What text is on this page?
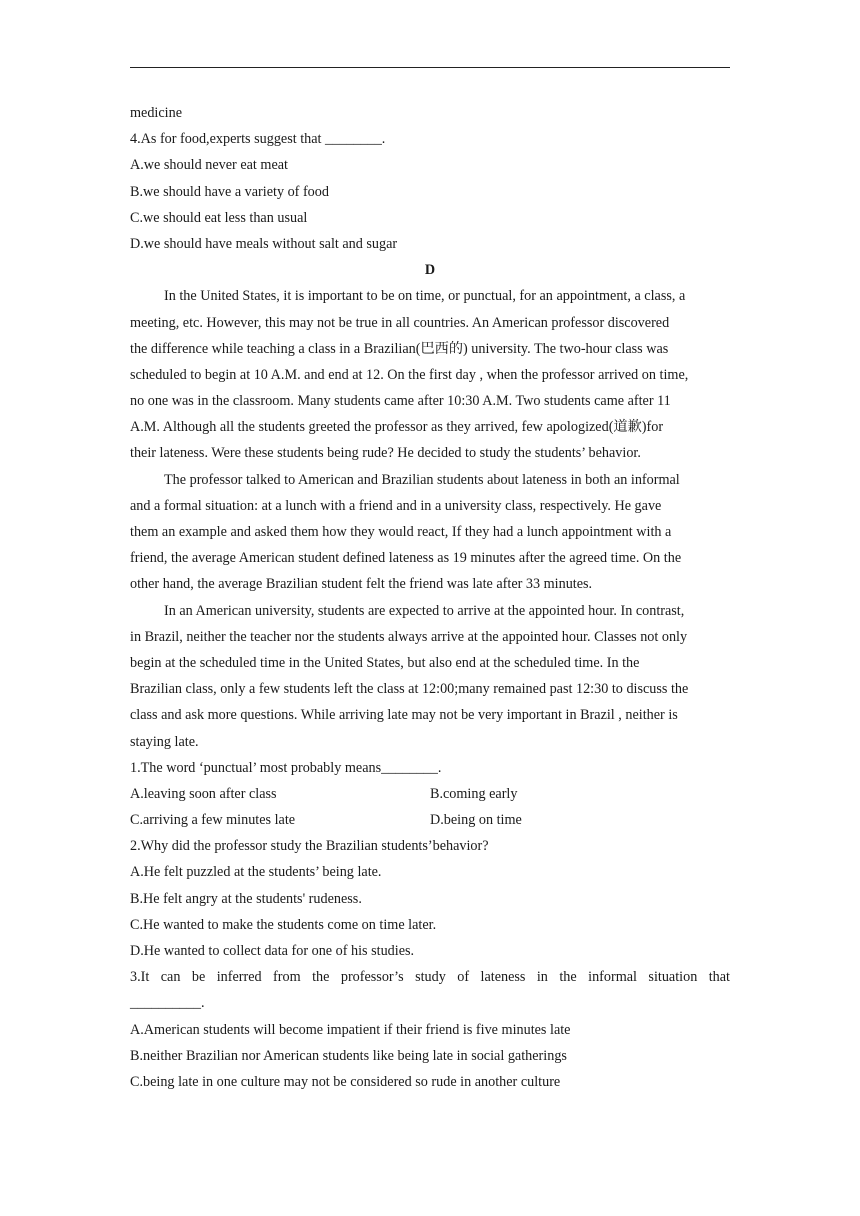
medicine
4.As for food,experts suggest that ________.
A.we should never eat meat
B.we should have a variety of food
C.we should eat less than usual
D.we should have meals without salt and sugar
D
In the United States, it is important to be on time, or punctual, for an appointment, a class, a
meeting, etc. However, this may not be true in all countries. An American professor discovered
the difference while teaching a class in a Brazilian(巴西的) university. The two-hour class was
scheduled to begin at 10 A.M. and end at 12. On the first day , when the professor arrived on time,
no one was in the classroom. Many students came after 10:30 A.M. Two students came after 11
A.M. Although all the students greeted the professor as they arrived, few apologized(道歉)for
their lateness. Were these students being rude? He decided to study the students’ behavior.
The professor talked to American and Brazilian students about lateness in both an informal
and a formal situation: at a lunch with a friend and in a university class, respectively. He gave
them an example and asked them how they would react, If they had a lunch appointment with a
friend, the average American student defined lateness as 19 minutes after the agreed time. On the
other hand, the average Brazilian student felt the friend was late after 33 minutes.
In an American university, students are expected to arrive at the appointed hour. In contrast,
in Brazil, neither the teacher nor the students always arrive at the appointed hour. Classes not only
begin at the scheduled time in the United States, but also end at the scheduled time. In the
Brazilian class, only a few students left the class at 12:00;many remained past 12:30 to discuss the
class and ask more questions. While arriving late may not be very important in Brazil , neither is
staying late.
1.The word ‘punctual’ most probably means________.
A.leaving soon after class	B.coming early
C.arriving a few minutes late	D.being on time
2.Why did the professor study the Brazilian students’behavior?
A.He felt puzzled at the students’ being late.
B.He felt angry at the students' rudeness.
C.He wanted to make the students come on time later.
D.He wanted to collect data for one of his studies.
3.It can be inferred from the professor’s study of lateness in the informal situation that
__________.
A.American students will become impatient if their friend is five minutes late
B.neither Brazilian nor American students like being late in social gatherings
C.being late in one culture may not be considered so rude in another culture
